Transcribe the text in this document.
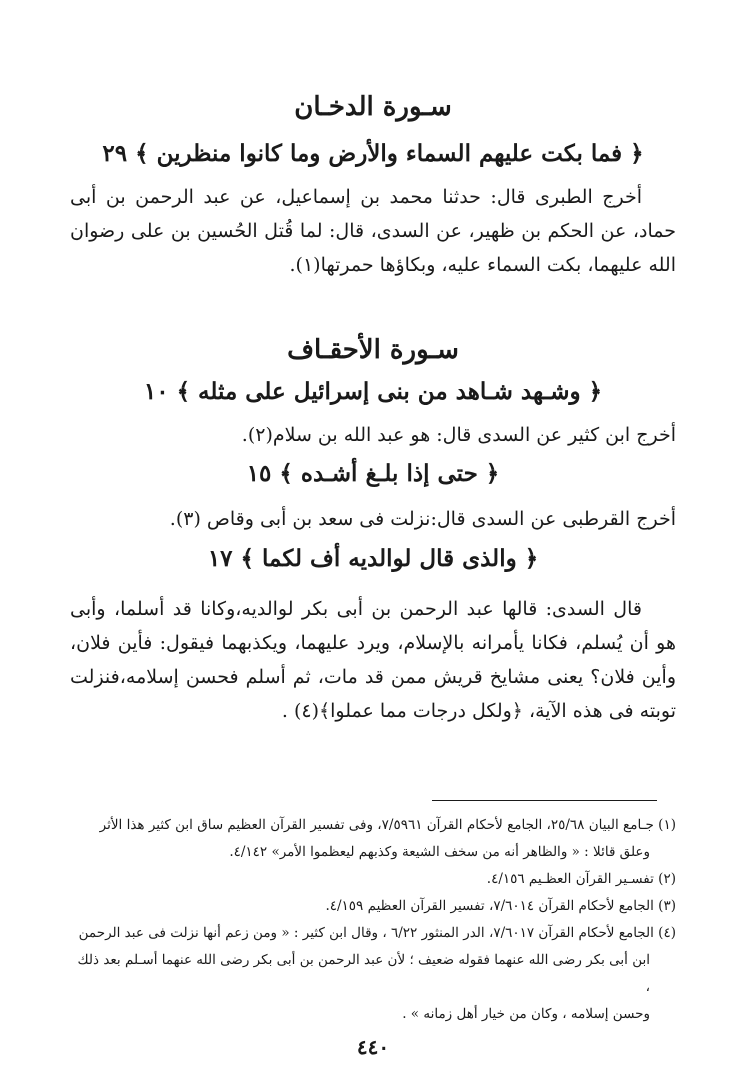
سـورة الدخـان
﴿ فما بكت عليهم السماء والأرض وما كانوا منظرين ﴾ ٢٩

أخرج الطبرى قال: حدثنا محمد بن إسماعيل، عن عبد الرحمن بن أبى حماد، عن الحكم بن ظهير، عن السدى، قال: لما قُتل الحُسين بن على رضوان الله عليهما، بكت السماء عليه، وبكاؤها حمرتها(١).

سـورة الأحقـاف
﴿ وشـهد شـاهد من بنى إسرائيل على مثله ﴾ ١٠

أخرج ابن كثير عن السدى قال: هو عبد الله بن سلام(٢).

﴿ حتى إذا بلـغ أشـده ﴾ ١٥

أخرج القرطبى عن السدى قال:نزلت فى سعد بن أبى وقاص (٣).

﴿ والذى قال لوالديه أف لكما ﴾ ١٧

قال السدى: قالها عبد الرحمن بن أبى بكر لوالديه،وكانا قد أسلما، وأبى هو أن يُسلم، فكانا يأمرانه بالإسلام، ويرد عليهما، ويكذبهما فيقول: فأين فلان، وأين فلان؟ يعنى مشايخ قريش ممن قد مات، ثم أسلم فحسن إسلامه،فنزلت توبته فى هذه الآية، ﴿ولكل درجات مما عملوا﴾(٤) .

(١) جـامع البيان ٢٥/٦٨، الجامع لأحكام القرآن ٧/٥٩٦١، وفى تفسير القرآن العظيم ساق ابن كثير هذا الأثر

وعلق قائلا : « والظاهر أنه من سخف الشيعة وكذبهم ليعظموا الأمر» ٤/١٤٢.

(٢) تفسـير القرآن العظـيم ٤/١٥٦.

(٣) الجامع لأحكام القرآن ٧/٦٠١٤، تفسير القرآن العظيم ٤/١٥٩.

(٤) الجامع لأحكام القرآن ٧/٦٠١٧، الدر المنثور ٦/٢٢ ، وقال ابن كثير : « ومن زعم أنها نزلت فى عبد الرحمن

ابن أبى بكر رضى الله عنهما فقوله ضعيف ؛ لأن عبد الرحمن بن أبى بكر رضى الله عنهما أسـلم بعد ذلك ،

وحسن إسلامه ، وكان من خيار أهل زمانه » .

٤٤٠
